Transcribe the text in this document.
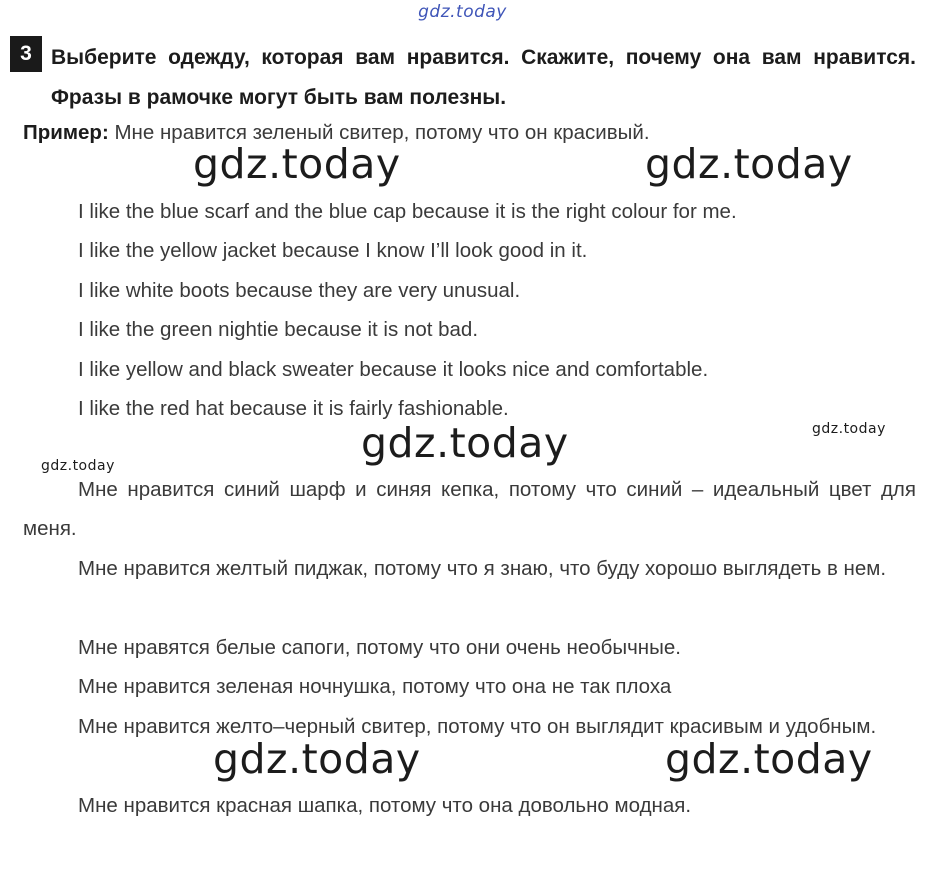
gdz.today
gdz.today	gdz.today
gdz.today
gdz.today	gdz.today
gdz.today
gdz.today
3 Выберите одежду, которая вам нравится. Скажите, почему она вам нравится. Фразы в рамочке могут быть вам полезны.
Пример: Мне нравится зеленый свитер, потому что он красивый.
I like the blue scarf and the blue cap because it is the right colour for me.
I like the yellow jacket because I know I’ll look good in it.
I like white boots because they are very unusual.
I like the green nightie because it is not bad.
I like yellow and black sweater because it looks nice and comfortable.
I like the red hat because it is fairly fashionable.

Мне нравится синий шарф и синяя кепка, потому что синий – идеальный цвет для меня.

Мне нравится желтый пиджак, потому что я знаю, что буду хорошо выглядеть в нем.

Мне нравятся белые сапоги, потому что они очень необычные.

Мне нравится зеленая ночнушка, потому что она не так плоха

Мне нравится желто–черный свитер, потому что он выглядит красивым и удобным.

Мне нравится красная шапка, потому что она довольно модная.
